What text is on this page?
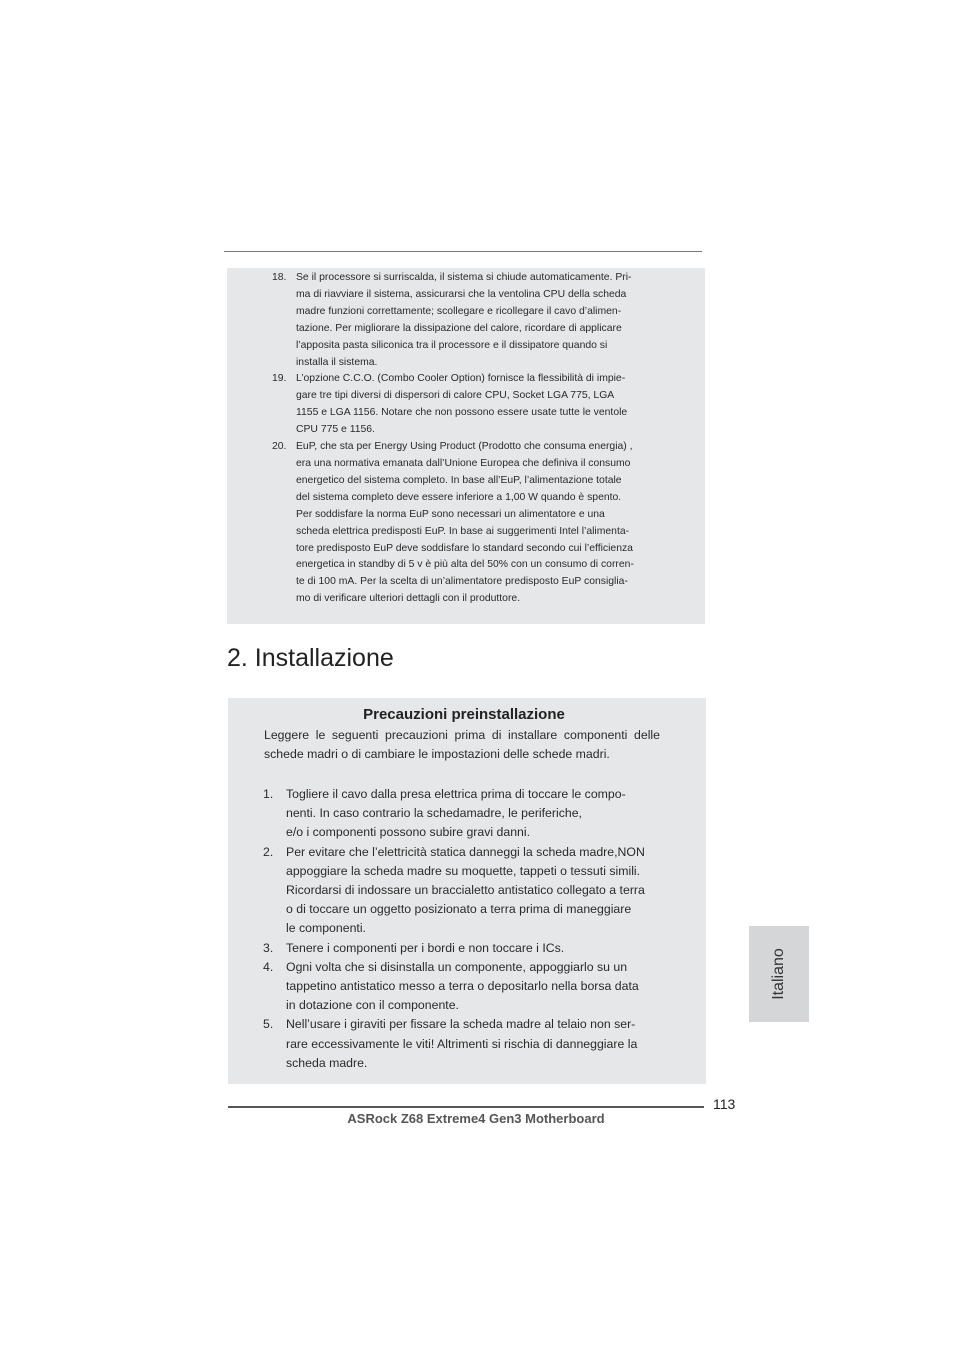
18. Se il processore si surriscalda, il sistema si chiude automaticamente. Pri-
ma di riavviare il sistema, assicurarsi che la ventolina CPU della scheda
madre funzioni correttamente; scollegare e ricollegare il cavo d’alimen-
tazione. Per migliorare la dissipazione del calore, ricordare di applicare
l’apposita pasta siliconica tra il processore e il dissipatore quando si
installa il sistema.
19. L’opzione C.C.O. (Combo Cooler Option) fornisce la flessibilità di impie-
gare tre tipi diversi di dispersori di calore CPU, Socket LGA 775, LGA
1155 e LGA 1156. Notare che non possono essere usate tutte le ventole
CPU 775 e 1156.
20. EuP, che sta per Energy Using Product (Prodotto che consuma energia) ,
era una normativa emanata dall’Unione Europea che definiva il consumo
energetico del sistema completo. In base all’EuP, l’alimentazione totale
del sistema completo deve essere inferiore a 1,00 W quando è spento.
Per soddisfare la norma EuP sono necessari un alimentatore e una
scheda elettrica predisposti EuP. In base ai suggerimenti Intel l’alimenta-
tore predisposto EuP deve soddisfare lo standard secondo cui l’efficienza
energetica in standby di 5 v è più alta del 50% con un consumo di corren-
te di 100 mA. Per la scelta di un’alimentatore predisposto EuP consiglia-
mo di verificare ulteriori dettagli con il produttore.
2. Installazione
Precauzioni preinstallazione

Leggere le seguenti precauzioni prima di installare componenti delle schede madri o di cambiare le impostazioni delle schede madri.

1. Togliere il cavo dalla presa elettrica prima di toccare le compo-
nenti. In caso contrario la schedamadre, le periferiche,
e/o i componenti possono subire gravi danni.
2. Per evitare che l’elettricità statica danneggi la scheda madre,NON
appoggiare la scheda madre su moquette, tappeti o tessuti simili.
Ricordarsi di indossare un braccialetto antistatico collegato a terra
o di toccare un oggetto posizionato a terra prima di maneggiare
le componenti.
3. Tenere i componenti per i bordi e non toccare i ICs.
4. Ogni volta che si disinstalla un componente, appoggiarlo su un
tappetino antistatico messo a terra o depositarlo nella borsa data
in dotazione con il componente.
5. Nell’usare i giraviti per fissare la scheda madre al telaio non ser-
rare eccessivamente le viti! Altrimenti si rischia di danneggiare la
scheda madre.
113
ASRock Z68 Extreme4 Gen3 Motherboard
Italiano
